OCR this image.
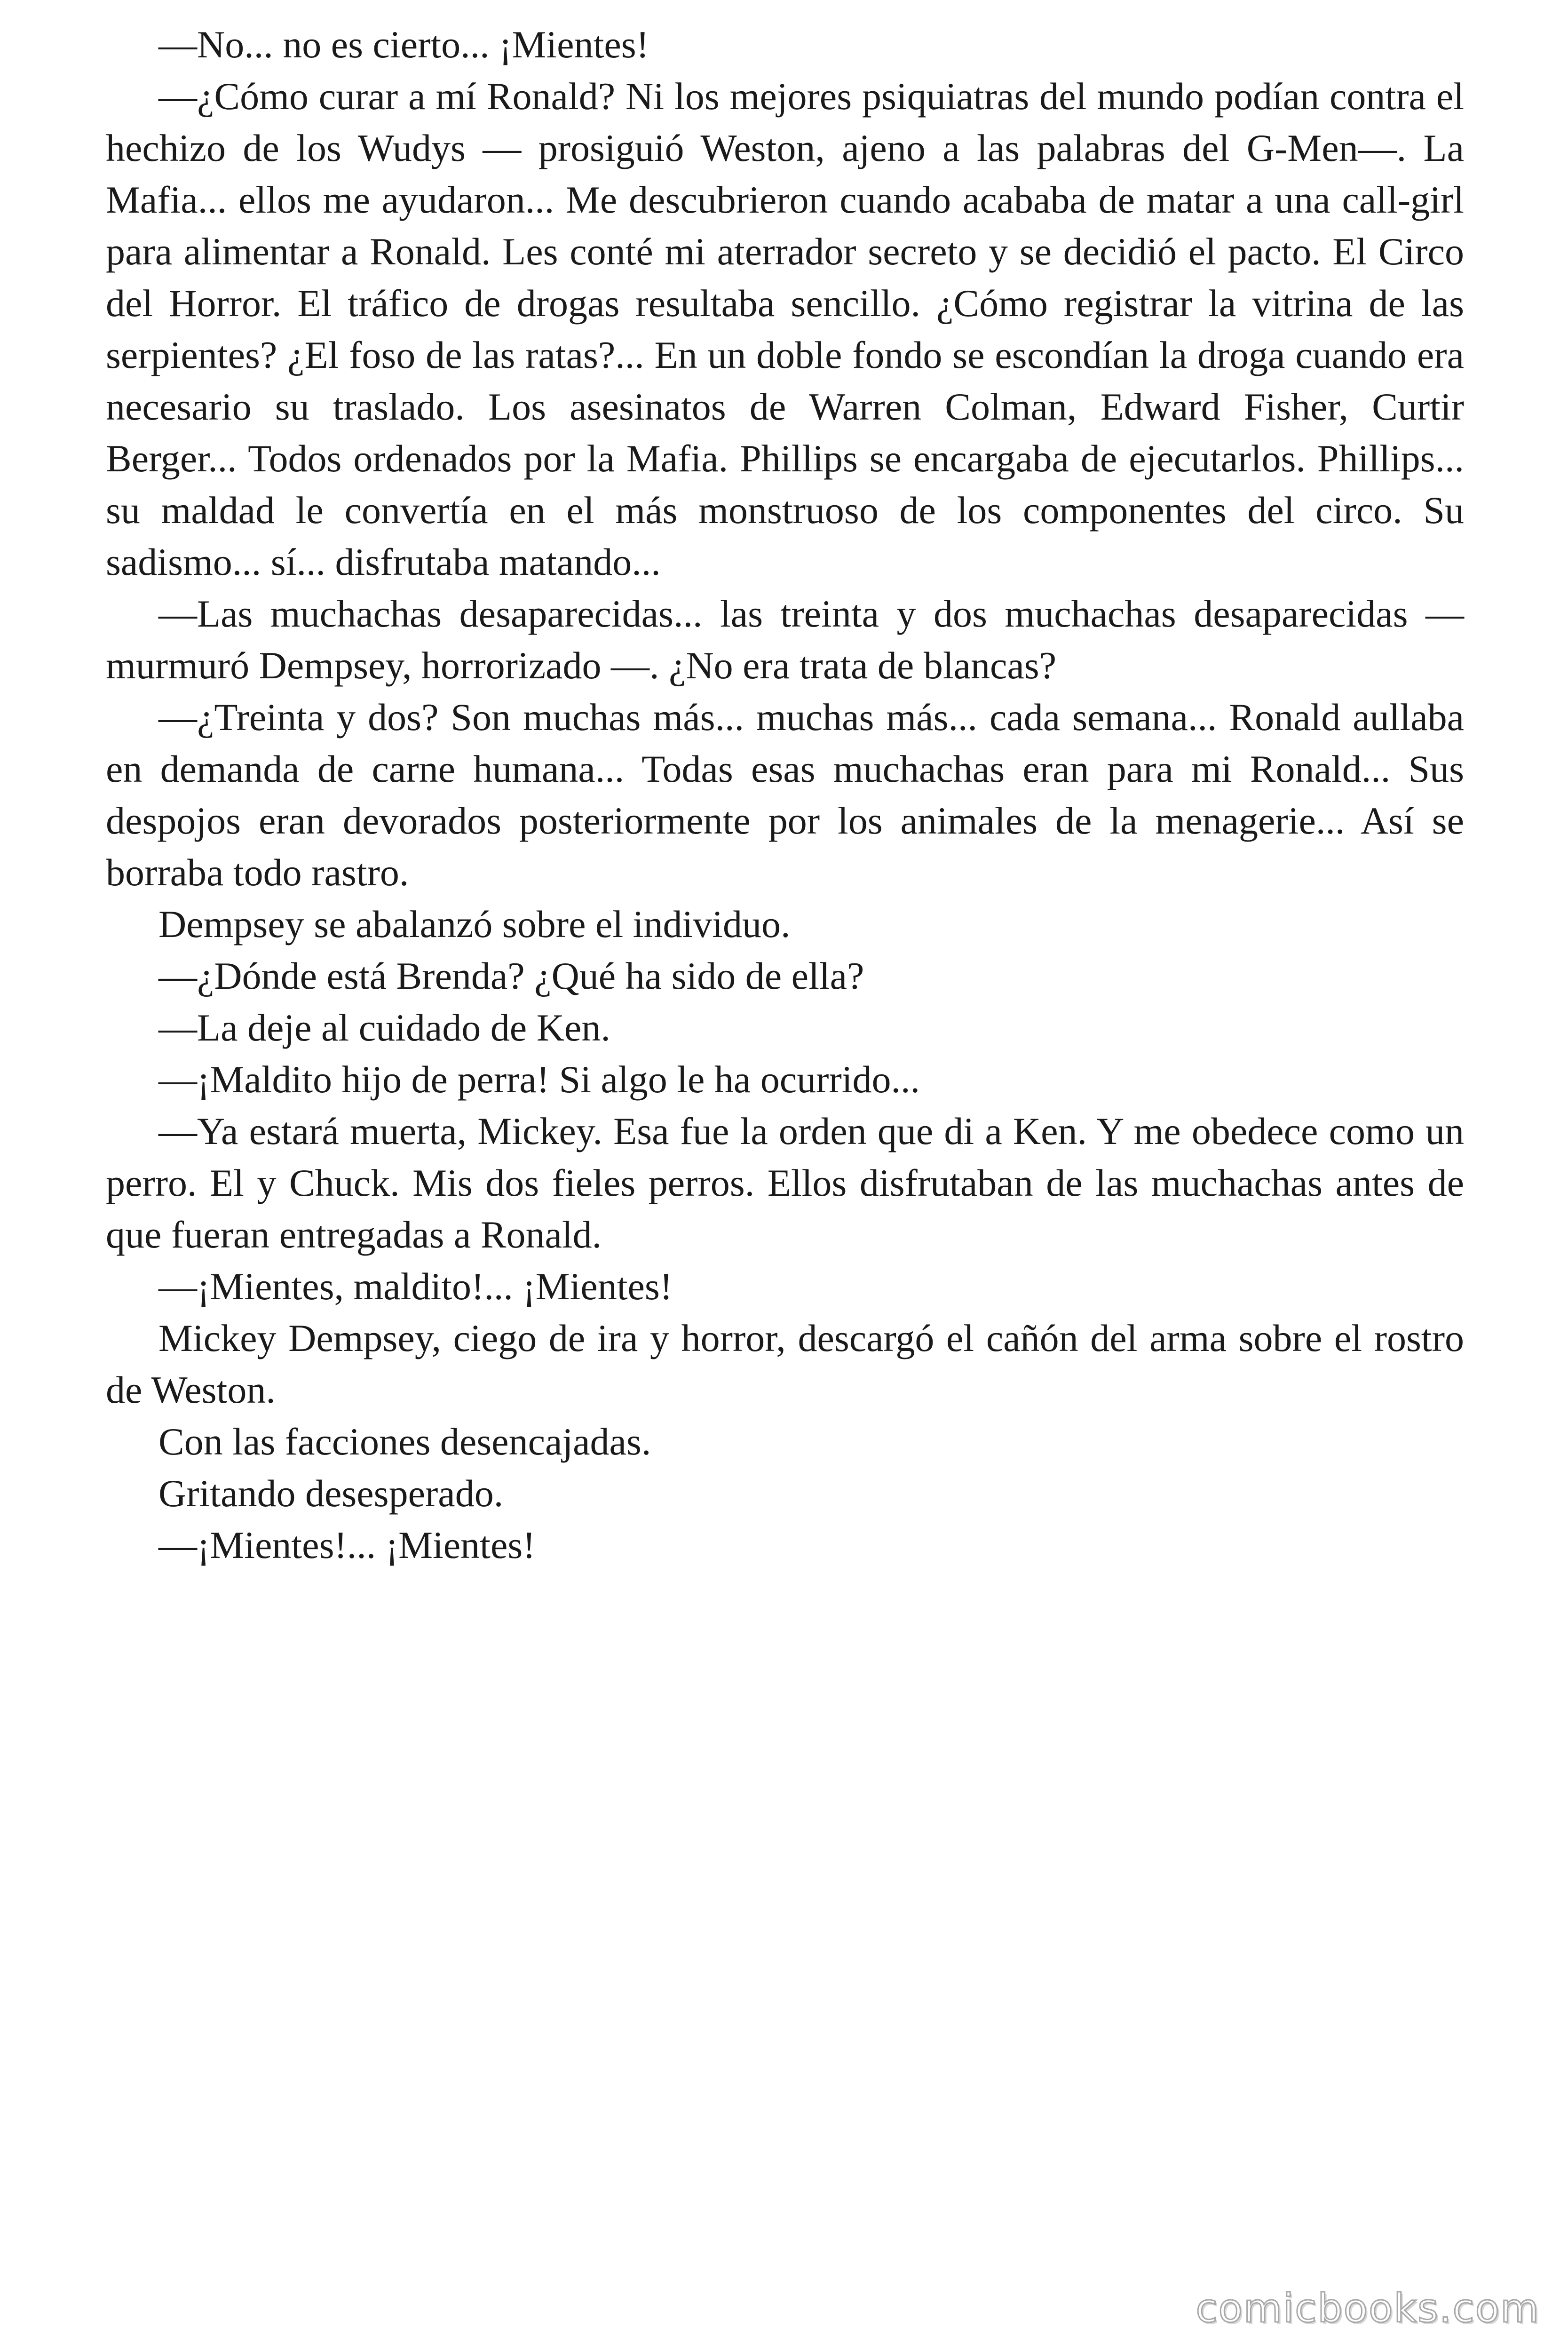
—No... no es cierto... ¡Mientes!

—¿Cómo curar a mí Ronald? Ni los mejores psiquiatras del mundo podían contra el hechizo de los Wudys — prosiguió Weston, ajeno a las palabras del G-Men—. La Mafia... ellos me ayudaron... Me descubrieron cuando acababa de matar a una call-girl para alimentar a Ronald. Les conté mi aterrador secreto y se decidió el pacto. El Circo del Horror. El tráfico de drogas resultaba sencillo. ¿Cómo registrar la vitrina de las serpientes? ¿El foso de las ratas?... En un doble fondo se escondían la droga cuando era necesario su traslado. Los asesinatos de Warren Colman, Edward Fisher, Curtir Berger... Todos ordenados por la Mafia. Phillips se encargaba de ejecutarlos. Phillips... su maldad le convertía en el más monstruoso de los componentes del circo. Su sadismo... sí... disfrutaba matando...

—Las muchachas desaparecidas... las treinta y dos muchachas desaparecidas — murmuró Dempsey, horrorizado —. ¿No era trata de blancas?

—¿Treinta y dos? Son muchas más... muchas más... cada semana... Ronald aullaba en demanda de carne humana... Todas esas muchachas eran para mi Ronald... Sus despojos eran devorados posteriormente por los animales de la menagerie... Así se borraba todo rastro.

Dempsey se abalanzó sobre el individuo.

—¿Dónde está Brenda? ¿Qué ha sido de ella?

—La deje al cuidado de Ken.

—¡Maldito hijo de perra! Si algo le ha ocurrido...

—Ya estará muerta, Mickey. Esa fue la orden que di a Ken. Y me obedece como un perro. El y Chuck. Mis dos fieles perros. Ellos disfrutaban de las muchachas antes de que fueran entregadas a Ronald.

—¡Mientes, maldito!... ¡Mientes!

Mickey Dempsey, ciego de ira y horror, descargó el cañón del arma sobre el rostro de Weston.

Con las facciones desencajadas.

Gritando desesperado.

—¡Mientes!... ¡Mientes!

comicbooks.com
